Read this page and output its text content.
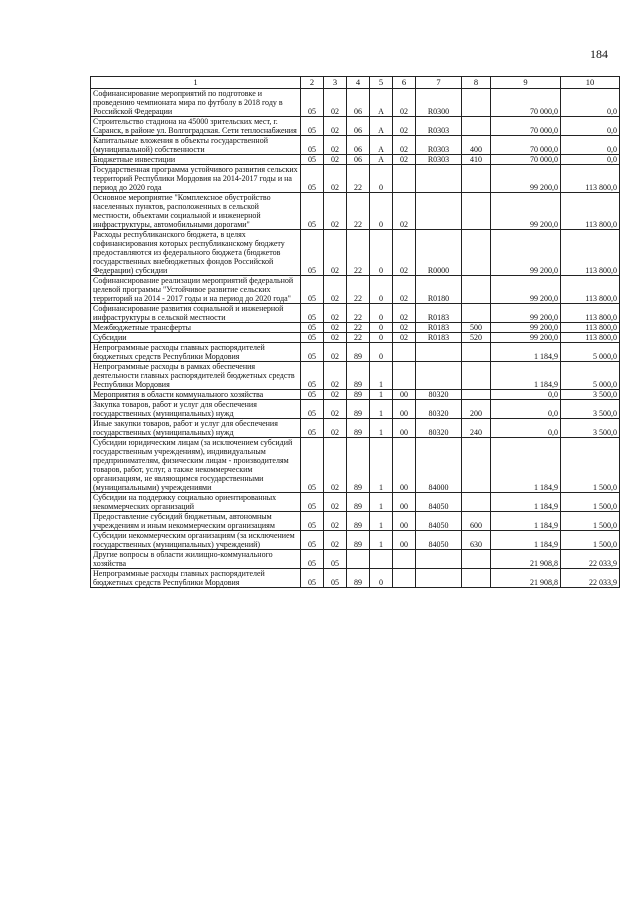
184
1	2	3	4	5	6	7	8	9	10
Софинансирование мероприятий по подготовке и проведению чемпионата мира по футболу в 2018 году в Российской Федерации	05	02	06	А	02	R0300		70 000,0	0,0
Строительство стадиона на 45000 зрительских мест, г. Саранск, в районе ул. Волгоградская. Сети теплоснабжения	05	02	06	А	02	R0303		70 000,0	0,0
Капитальные вложения в объекты государственной (муниципальной) собственности	05	02	06	А	02	R0303	400	70 000,0	0,0
Бюджетные инвестиции	05	02	06	А	02	R0303	410	70 000,0	0,0
Государственная программа устойчивого развития сельских территорий Республики Мордовия на 2014-2017 годы и на период до 2020 года	05	02	22	0				99 200,0	113 800,0
Основное мероприятие "Комплексное обустройство населенных пунктов, расположенных в сельской местности, объектами социальной и инженерной инфраструктуры, автомобильными дорогами"	05	02	22	0	02			99 200,0	113 800,0
Расходы республиканского бюджета, в целях софинансирования которых республиканскому бюджету предоставляются из федерального бюджета (бюджетов государственных внебюджетных фондов Российской Федерации) субсидии	05	02	22	0	02	R0000		99 200,0	113 800,0
Софинансирование реализации мероприятий федеральной целевой программы "Устойчивое развитие сельских территорий на 2014 - 2017 годы и на период до 2020 года"	05	02	22	0	02	R0180		99 200,0	113 800,0
Софинансирование развития социальной и инженерной инфраструктуры в сельской местности	05	02	22	0	02	R0183		99 200,0	113 800,0
Межбюджетные трансферты	05	02	22	0	02	R0183	500	99 200,0	113 800,0
Субсидии	05	02	22	0	02	R0183	520	99 200,0	113 800,0
Непрограммные расходы главных распорядителей бюджетных средств Республики Мордовия	05	02	89	0				1 184,9	5 000,0
Непрограммные расходы в рамках обеспечения деятельности главных распорядителей бюджетных средств Республики Мордовия	05	02	89	1				1 184,9	5 000,0
Мероприятия в области коммунального хозяйства	05	02	89	1	00	80320		0,0	3 500,0
Закупка товаров, работ и услуг для обеспечения государственных (муниципальных) нужд	05	02	89	1	00	80320	200	0,0	3 500,0
Иные закупки товаров, работ и услуг для обеспечения государственных (муниципальных) нужд	05	02	89	1	00	80320	240	0,0	3 500,0
Субсидии юридическим лицам (за исключением субсидий государственным учреждениям), индивидуальным предпринимателям, физическим лицам - производителям товаров, работ, услуг, а также некоммерческим организациям, не являющимся государственными (муниципальными) учреждениями	05	02	89	1	00	84000		1 184,9	1 500,0
Субсидии на поддержку социально ориентированных некоммерческих организаций	05	02	89	1	00	84050		1 184,9	1 500,0
Предоставление субсидий бюджетным, автономным учреждениям и иным некоммерческим организациям	05	02	89	1	00	84050	600	1 184,9	1 500,0
Субсидии некоммерческим организациям (за исключением государственных (муниципальных) учреждений)	05	02	89	1	00	84050	630	1 184,9	1 500,0
Другие вопросы в области жилищно-коммунального хозяйства	05	05						21 908,8	22 033,9
Непрограммные расходы главных распорядителей бюджетных средств Республики Мордовия	05	05	89	0				21 908,8	22 033,9
